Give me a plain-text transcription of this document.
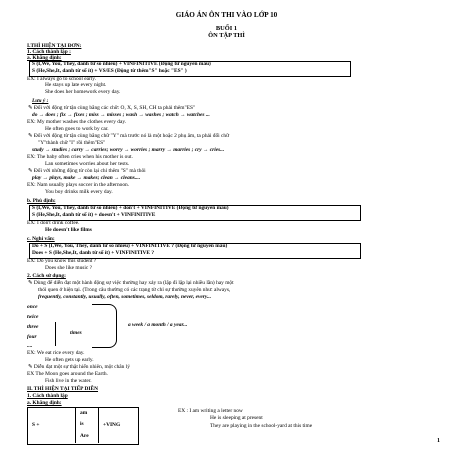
GIÁO ÁN ÔN THI VÀO LỚP 10
BUỔI 1
ÔN TẬP THÌ
I.THÌ HIỆN TẠI ĐƠN:
1. Cách thành lập :
a. Khẳng định:
S (I,We, You, They, danh từ số nhiều) + VINFINITIVE (Động từ nguyên mẫu)
S (He,She,It, danh từ số ít) + VS/ES (Động từ thêm"S" hoặc "ES" )
EX: I always go to school early.
He stays up late every night.
She does her homework every day.
Lưu ý :
✎ Đối với động từ tận cùng bằng các chữ: O, X, S, SH, CH ta phải thêm"ES"
do → does ; fix → fixes ; miss → misses ; wash → washes ; watch → watches ...
EX: My mother washes the clothes every day.
He often goes to work by car.
✎ Đối với động từ tận cùng bằng chữ "Y" mà trước nó là một hoặc 2 phụ âm, ta phải đổi chữ
"Y"thành chữ "I" rồi thêm"ES"
study → studies ; carry → carries; worry → worries ; marry → marries ; cry → cries...
EX: The baby often cries when his mother is out.
Lan sometimes worries about her tests.
✎ Đối với những động từ còn lại chỉ thêm "S" mà thôi
play → plays, make → makes; clean → cleans....
EX: Nam usually plays soccer in the afternoon.
You boy drinks milk every day.
b. Phủ định:
S (I,We, You, They, danh từ số nhiều) + don't + VINFINITIVE (Động từ nguyên mẫu)
S (He,She,It, danh từ số ít) + doesn't + VINFINITIVE
EX: I don't drink coffee.
He doesn't like films
c. Nghi vấn:
Do + S (I,We, You, They, danh từ số nhiều) + VINFINITIVE ? (Động từ nguyên mẫu)
Does + S (He,She,It, danh từ số ít) + VINFINITIVE ?
EX: Do you know this student ?
Does she like music ?
2. Cách sử dụng:
✎ Dùng để diễn đạt một hành động sự việc thường hay xảy ra (lặp đi lặp lại nhiều lần) hay một
thói quen ở hiện tại. (Trong câu thường có các trạng từ chỉ sự thường xuyên như: always,
frequently, constantly, usually, often, sometimes, seldom, rarely, never, every...
once
twice
three
four
....
times
a week / a month / a year...
EX: We eat rice every day.
He often gets up early.
✎ Diễn đạt một sự thật hiển nhiên, một chân lý
EX The Moon goes around the Earth.
Fish live in the water.
II. THÌ HIỆN TẠI TIẾP DIỄN
1. Cách thành lập
a. Khẳng định:
S +
am
is
Are
+VING
EX : I am writing a letter now
He is sleeping at present
They are playing in the school-yard at this time
1
